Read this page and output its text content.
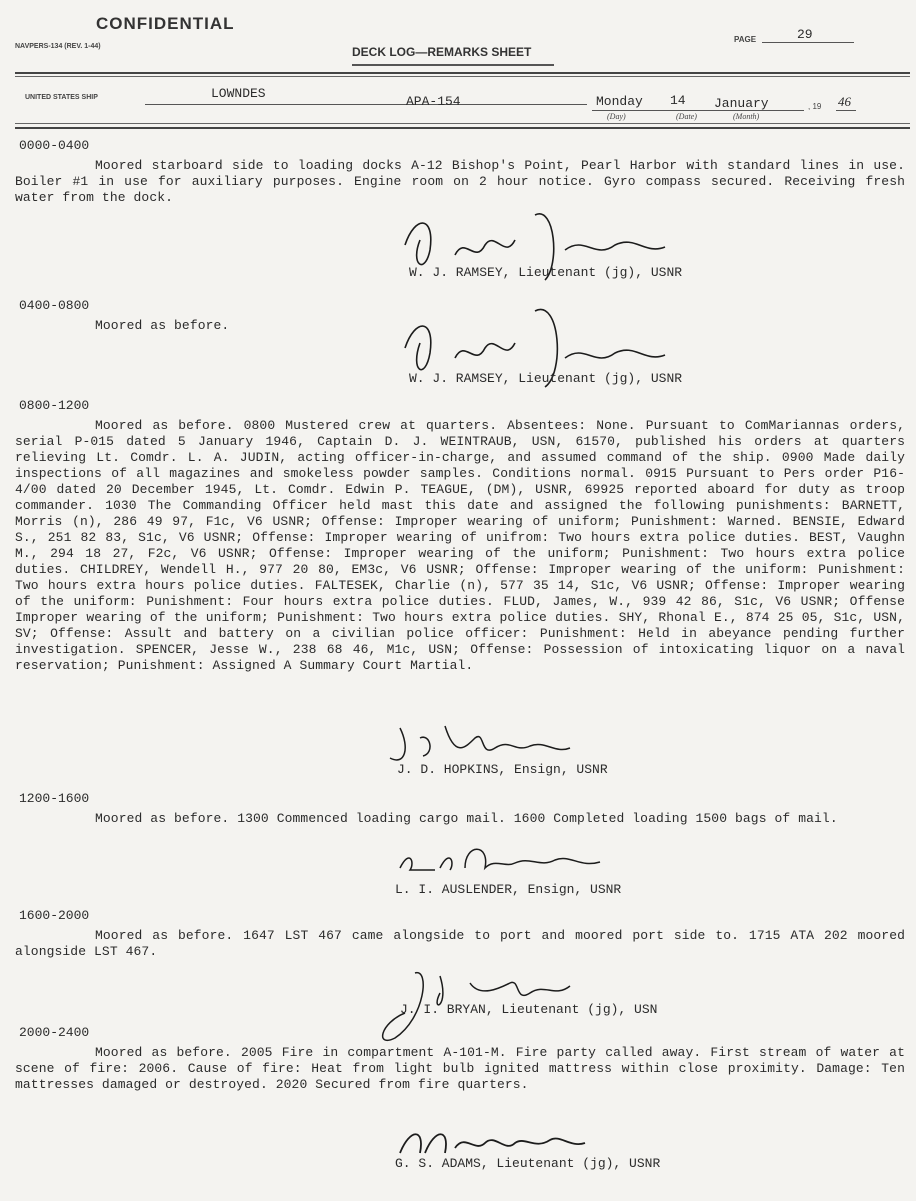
CONFIDENTIAL
NAVPERS-134 (REV. 1-44)	DECK LOG—REMARKS SHEET
PAGE	29
UNITED STATES SHIP	LOWNDES
APA-154	Monday 14 January
(Day)	(Date)	(Month)
, 19 46
0000-0400
Moored starboard side to loading docks A-12 Bishop's Point, Pearl Harbor with standard lines in use. Boiler #1 in use for auxiliary purposes. Engine room on 2 hour notice. Gyro compass secured. Receiving fresh water from the dock.
W. J. RAMSEY, Lieutenant (jg), USNR
0400-0800
Moored as before.
W. J. RAMSEY, Lieutenant (jg), USNR
0800-1200
Moored as before. 0800 Mustered crew at quarters. Absentees: None. Pursuant to ComMariannas orders, serial P-015 dated 5 January 1946, Captain D. J. WEINTRAUB, USN, 61570, published his orders at quarters relieving Lt. Comdr. L. A. JUDIN, acting officer-in-charge, and assumed command of the ship. 0900 Made daily inspections of all magazines and smokeless powder samples. Conditions normal. 0915 Pursuant to Pers order P16-4/00 dated 20 December 1945, Lt. Comdr. Edwin P. TEAGUE, (DM), USNR, 69925 reported aboard for duty as troop commander. 1030 The Commanding Officer held mast this date and assigned the following punishments: BARNETT, Morris (n), 286 49 97, F1c, V6 USNR; Offense: Improper wearing of uniform; Punishment: Warned. BENSIE, Edward S., 251 82 83, S1c, V6 USNR; Offense: Improper wearing of unifrom: Two hours extra police duties. BEST, Vaughn M., 294 18 27, F2c, V6 USNR; Offense: Improper wearing of the uniform; Punishment: Two hours extra police duties. CHILDREY, Wendell H., 977 20 80, EM3c, V6 USNR; Offense: Improper wearing of the uniform: Punishment: Two hours extra hours police duties. FALTESEK, Charlie (n), 577 35 14, S1c, V6 USNR; Offense: Improper wearing of the uniform: Punishment: Four hours extra police duties. FLUD, James, W., 939 42 86, S1c, V6 USNR; Offense Improper wearing of the uniform; Punishment: Two hours extra police duties. SHY, Rhonal E., 874 25 05, S1c, USN, SV; Offense: Assult and battery on a civilian police officer: Punishment: Held in abeyance pending further investigation. SPENCER, Jesse W., 238 68 46, M1c, USN; Offense: Possession of intoxicating liquor on a naval reservation; Punishment: Assigned A Summary Court Martial.
J. D. HOPKINS, Ensign, USNR
1200-1600
Moored as before. 1300 Commenced loading cargo mail. 1600 Completed loading 1500 bags of mail.
L. I. AUSLENDER, Ensign, USNR
1600-2000
Moored as before. 1647 LST 467 came alongside to port and moored port side to. 1715 ATA 202 moored alongside LST 467.
J. I. BRYAN, Lieutenant (jg), USN
2000-2400
Moored as before. 2005 Fire in compartment A-101-M. Fire party called away. First stream of water at scene of fire: 2006. Cause of fire: Heat from light bulb ignited mattress within close proximity. Damage: Ten mattresses damaged or destroyed. 2020 Secured from fire quarters.
G. S. ADAMS, Lieutenant (jg), USNR
